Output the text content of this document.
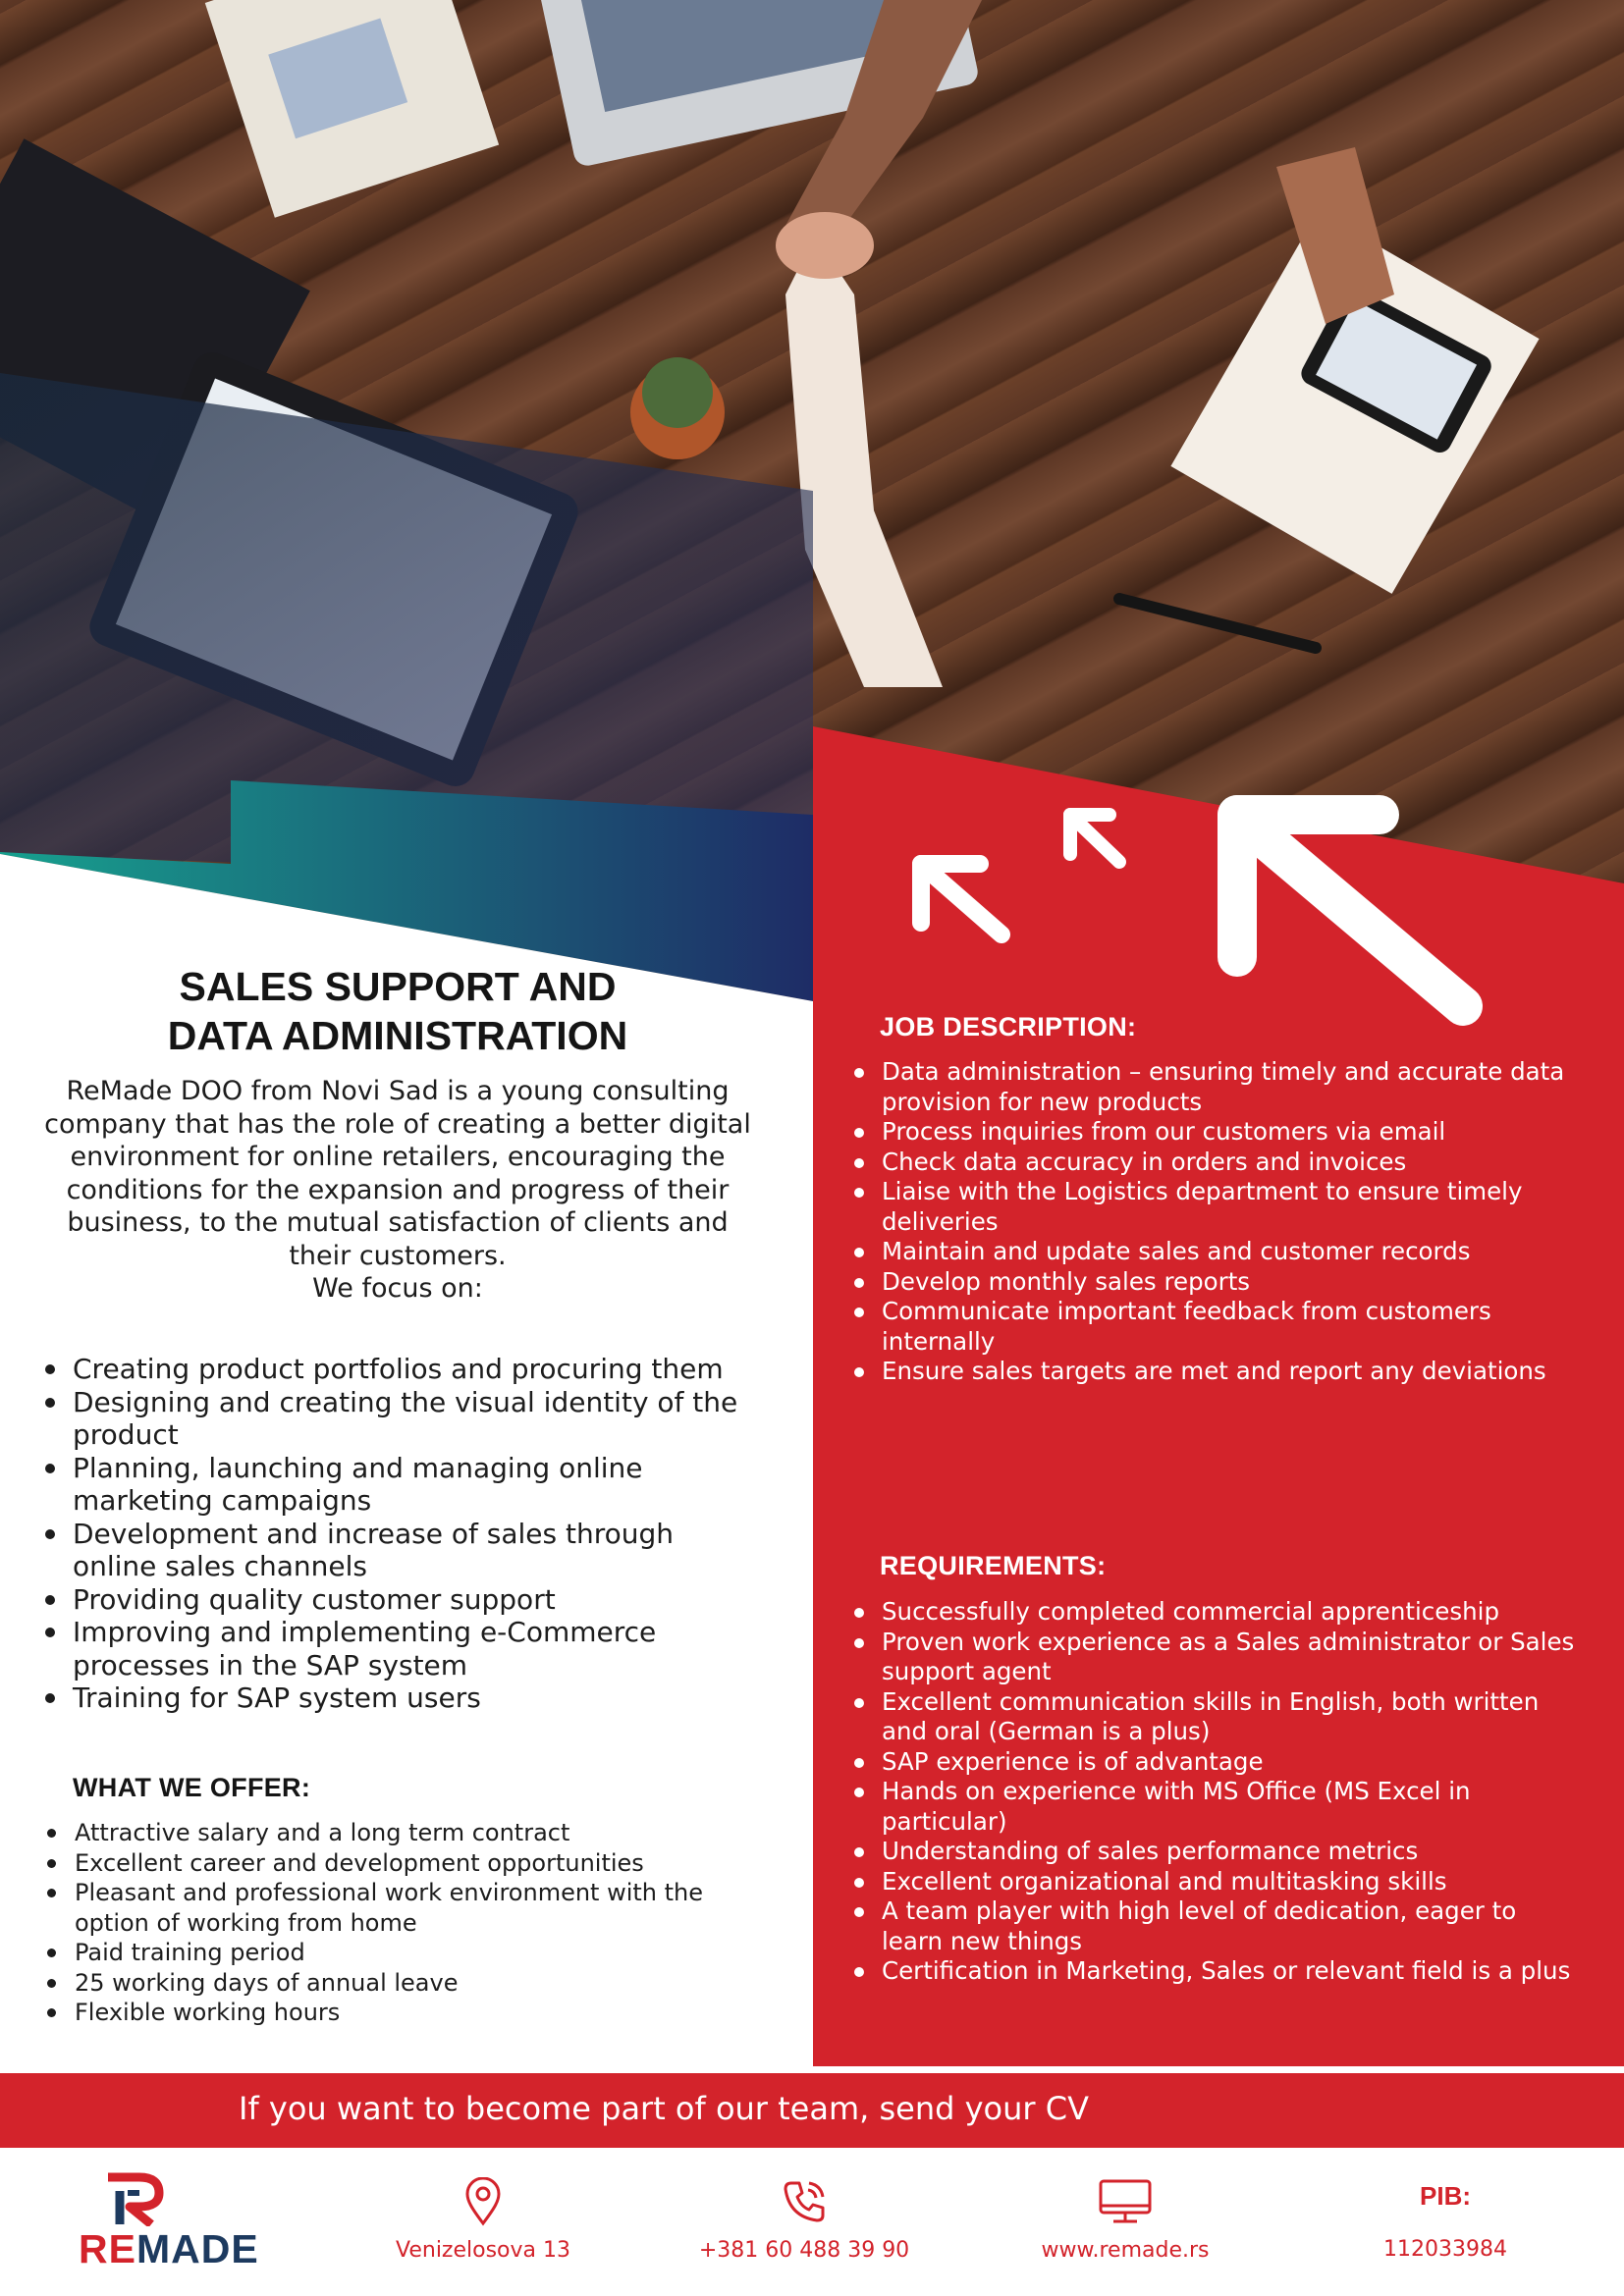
SALES SUPPORT AND
DATA ADMINISTRATION

ReMade DOO from Novi Sad is a young consulting company that has the role of creating a better digital environment for online retailers, encouraging the conditions for the expansion and progress of their business, to the mutual satisfaction of clients and their customers.

We focus on:

Creating product portfolios and procuring them
Designing and creating the visual identity of the product
Planning, launching and managing online marketing campaigns
Development and increase of sales through online sales channels
Providing quality customer support
Improving and implementing e-Commerce processes in the SAP system
Training for SAP system users
WHAT WE OFFER:
Attractive salary and a long term contract
Excellent career and development opportunities
Pleasant and professional work environment with the option of working from home
Paid training period
25 working days of annual leave
Flexible working hours
JOB DESCRIPTION:
Data administration – ensuring timely and accurate data provision for new products
Process inquiries from our customers via email
Check data accuracy in orders and invoices
Liaise with the Logistics department to ensure timely deliveries
Maintain and update sales and customer records
Develop monthly sales reports
Communicate important feedback from customers internally
Ensure sales targets are met and report any deviations
REQUIREMENTS:
Successfully completed commercial apprenticeship
Proven work experience as a Sales administrator or Sales support agent
Excellent communication skills in English, both written and oral (German is a plus)
SAP experience is of advantage
Hands on experience with MS Office (MS Excel in particular)
Understanding of sales performance metrics
Excellent organizational and multitasking skills
A team player with high level of dedication, eager to learn new things
Certification in Marketing, Sales or relevant field is a plus
If you want to become part of our team, send your CV
REMADE	Venizelosova 13	+381 60 488 39 90	www.remade.rs
PIB:
112033984
